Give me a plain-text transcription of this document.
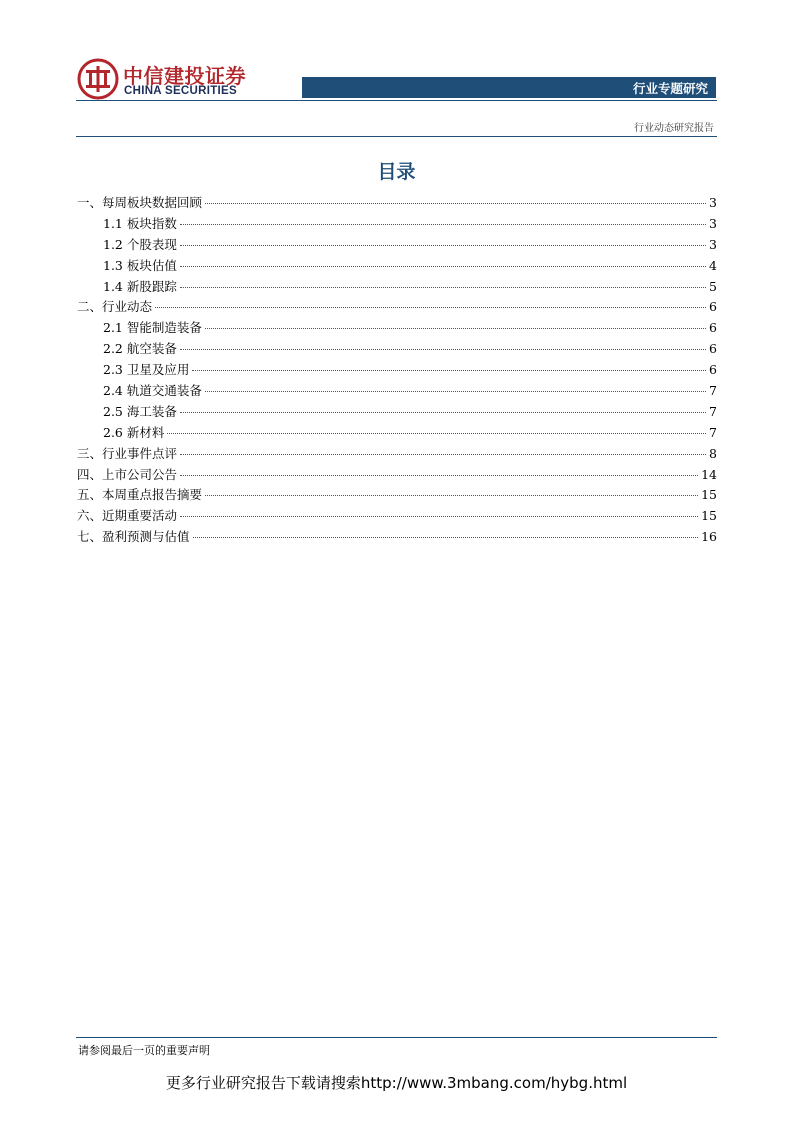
中信建投证券
CHINA SECURITIES	行业专题研究
行业动态研究报告
目录
一、每周板块数据回顾	3
1.1 板块指数	3
1.2 个股表现	3
1.3 板块估值	4
1.4 新股跟踪	5
二、行业动态	6
2.1 智能制造装备	6
2.2 航空装备	6
2.3 卫星及应用	6
2.4 轨道交通装备	7
2.5 海工装备	7
2.6 新材料	7
三、行业事件点评	8
四、上市公司公告	14
五、本周重点报告摘要	15
六、近期重要活动	15
七、盈利预测与估值	16
请参阅最后一页的重要声明
更多行业研究报告下载请搜索http://www.3mbang.com/hybg.html
